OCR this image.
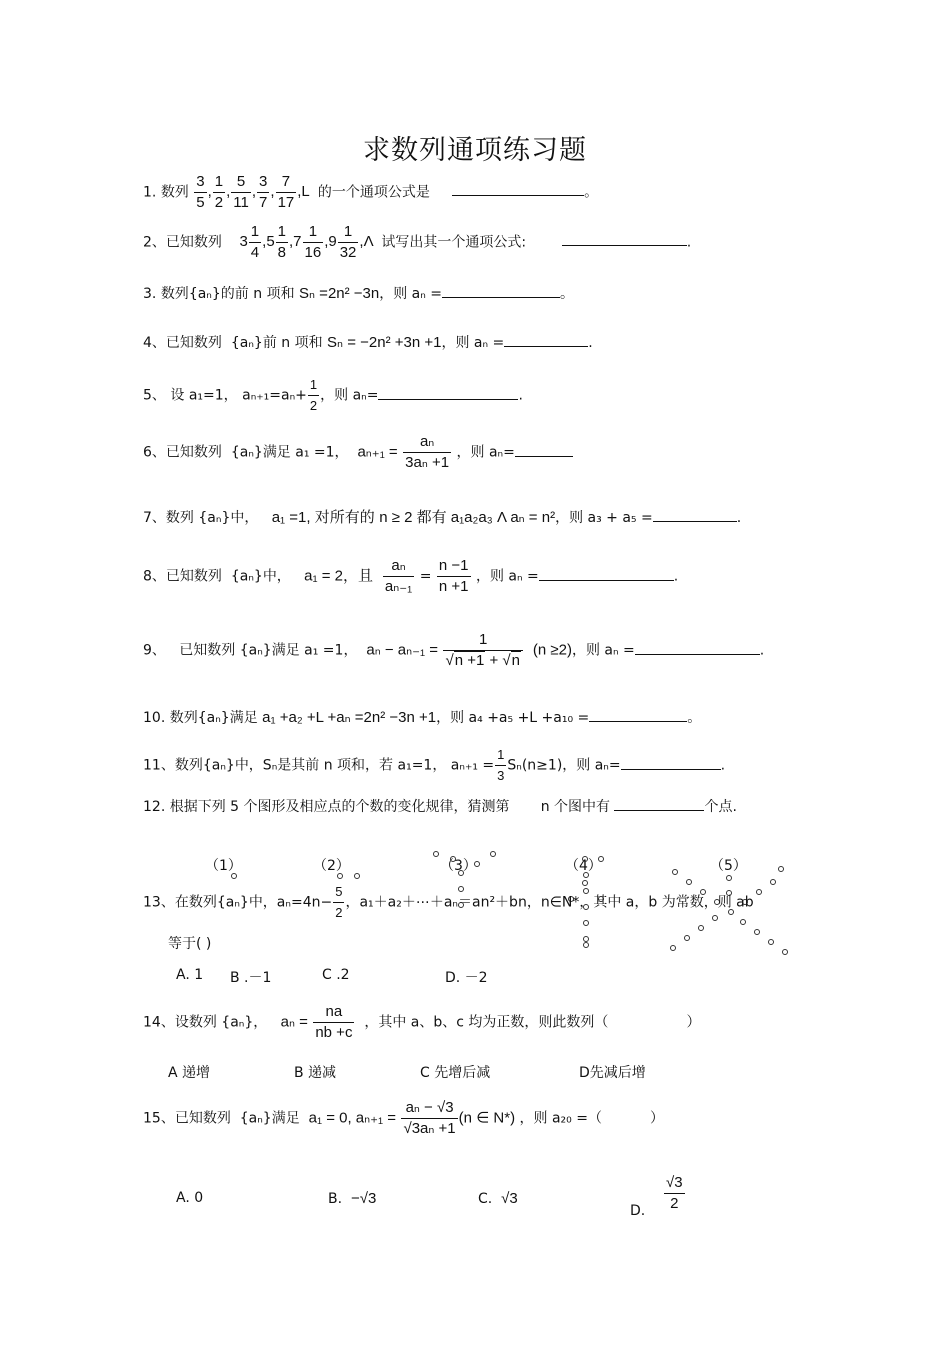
求数列通项练习题
1. 数列 $\frac{3}{5}$ , $\frac{1}{2}$ , $\frac{5}{11}$ , $\frac{3}{7}$ , $\frac{7}{17} ,L$ 的一个通项公式是	。
2、已知数列 $3 \frac{1}{4} ,5 \frac{1}{8} ,7 \frac{1}{16} ,9 \frac{1}{32} ,\Lambda$ 试写出其一个通项公式:	.
3. 数列{aₙ}的前 n 项和 Sₙ =2n² −3n，则 aₙ =	。
4、已知数列 {aₙ}前 n 项和 Sₙ = −2n² +3n +1，则 aₙ =	.
5、 设 a₁=1， $a_{n+1}=a_n+ \frac{1}{2}$ ，则 aₙ=	.
6、已知数列 {aₙ}满足 a₁ =1， $a_{n+1} = \frac{\text{aₙ}}{\text{3aₙ +1}}$ ，则 aₙ=
7、数列 {aₙ}中， a₁ =1, 对所有的 n ≥ 2 都有 a₁a₂a₃ Λ aₙ = n²，则 a₃ + a₅ =	.
8、已知数列 {aₙ}中， a₁ = 2，且 $\frac{\text{aₙ}}{\text{aₙ₋₁}} = \frac{n -1}{n +1}$ ，则 aₙ =	.
9、 已知数列 {aₙ}满足 a₁ =1， $a_n - a_{n-1} = \frac{1}{√n +1 + √n} (n \ge 2)$，则 aₙ =	.
10. 数列{aₙ}满足 a₁ +a₂ +L +aₙ =2n² −3n +1，则 a₄ +a₅ +L +a₁₀ =	。
11、数列{aₙ}中，Sₙ是其前 n 项和，若 a₁=1， $a_{n+1} = \frac{1}{3} S_n(n\ge 1)$，则 aₙ=	.
12. 根据下列 5 个图形及相应点的个数的变化规律，猜测第 n 个图中有	个点.
（1）	（2）	（3）	（4）	（5）
13、在数列{aₙ}中，$a_n=4n- \frac{5}{2}$ ，a₁＋a₂＋⋯＋aₙ＝an²＋bn，n∈N*，其中 a，b 为常数，则 ab
等于( )
A. 1 B .－1	C .2	D. －2
14、设数列 {aₙ}， $a_n = \frac{na}{nb +c}$ ，其中 a、b、c 均为正数，则此数列（	）
A 递增	B 递减	C 先增后减	D先减后增
15、已知数列 {aₙ}满足 a₁ = 0, $a_{n+1} = \frac{\text{aₙ − √3}}{\text{√3aₙ +1}} (n$ ∈ N*) ，则 a₂₀ =（	）
A. 0	B. −√3	C. √3
D. $\frac{√3}{2}$
